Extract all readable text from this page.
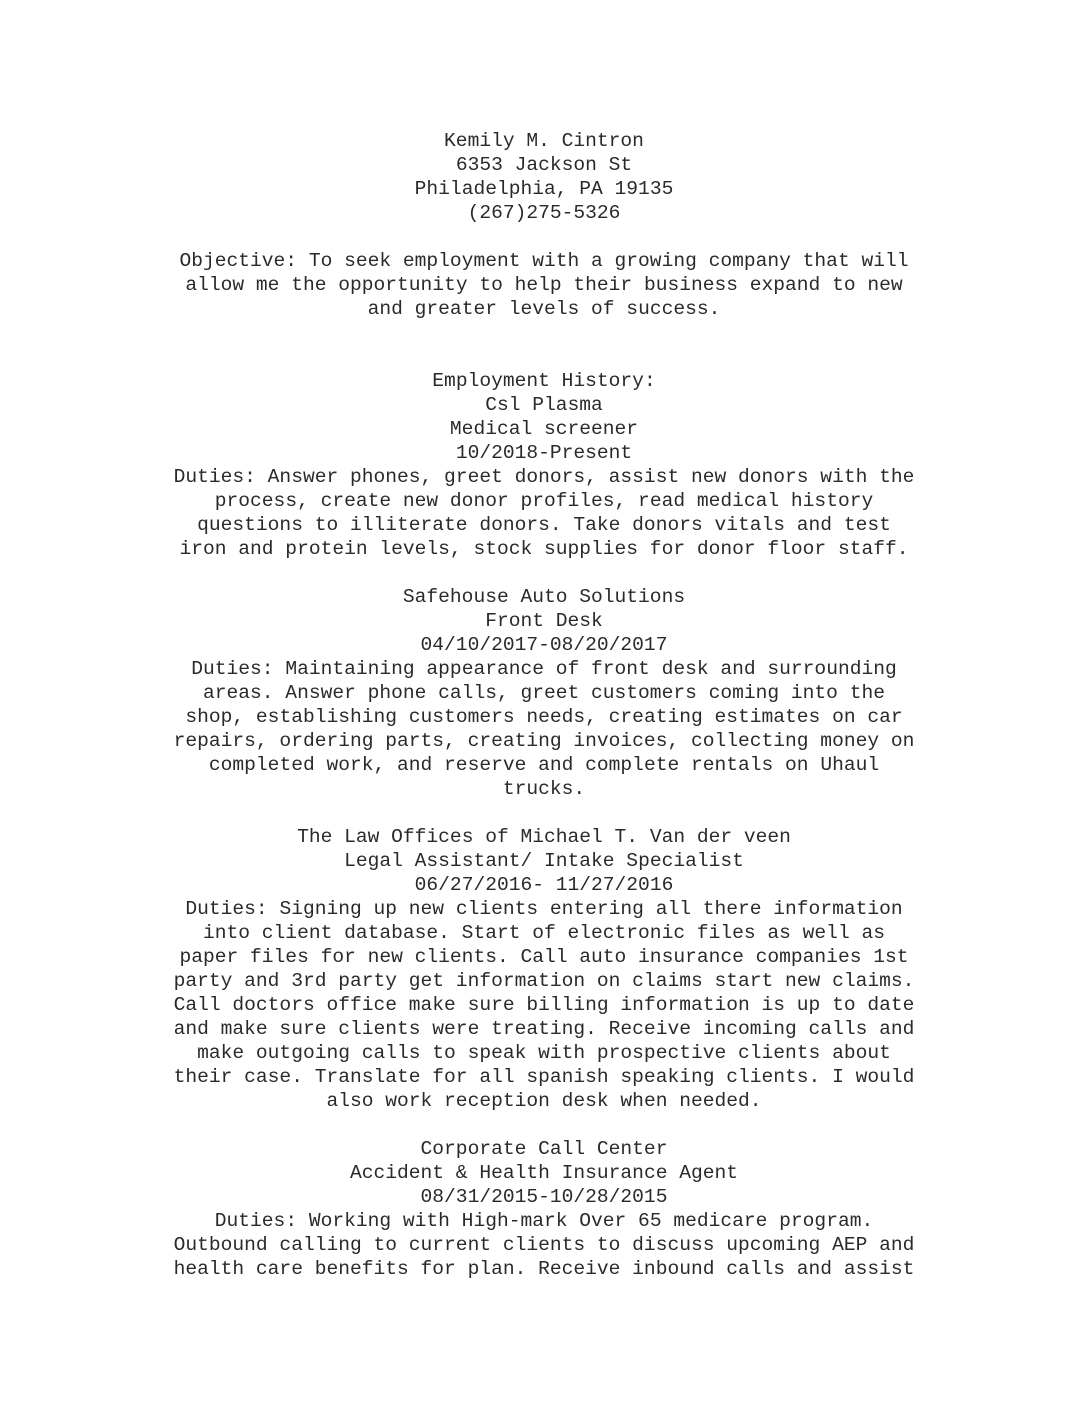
Kemily M. Cintron
6353 Jackson St
Philadelphia, PA 19135
(267)275-5326
Objective: To seek employment with a growing company that will
allow me the opportunity to help their business expand to new
and greater levels of success.
Employment History:
Csl Plasma
Medical screener
10/2018-Present
Duties: Answer phones, greet donors, assist new donors with the
process, create new donor profiles, read medical history
questions to illiterate donors. Take donors vitals and test
iron and protein levels, stock supplies for donor floor staff.
Safehouse Auto Solutions
Front Desk
04/10/2017-08/20/2017
Duties: Maintaining appearance of front desk and surrounding
areas. Answer phone calls, greet customers coming into the
shop, establishing customers needs, creating estimates on car
repairs, ordering parts, creating invoices, collecting money on
completed work, and reserve and complete rentals on Uhaul
trucks.
The Law Offices of Michael T. Van der veen
Legal Assistant/ Intake Specialist
06/27/2016- 11/27/2016
Duties: Signing up new clients entering all there information
into client database. Start of electronic files as well as
paper files for new clients. Call auto insurance companies 1st
party and 3rd party get information on claims start new claims.
Call doctors office make sure billing information is up to date
and make sure clients were treating. Receive incoming calls and
make outgoing calls to speak with prospective clients about
their case. Translate for all spanish speaking clients. I would
also work reception desk when needed.
Corporate Call Center
Accident & Health Insurance Agent
08/31/2015-10/28/2015
Duties: Working with High-mark Over 65 medicare program.
Outbound calling to current clients to discuss upcoming AEP and
health care benefits for plan. Receive inbound calls and assist
